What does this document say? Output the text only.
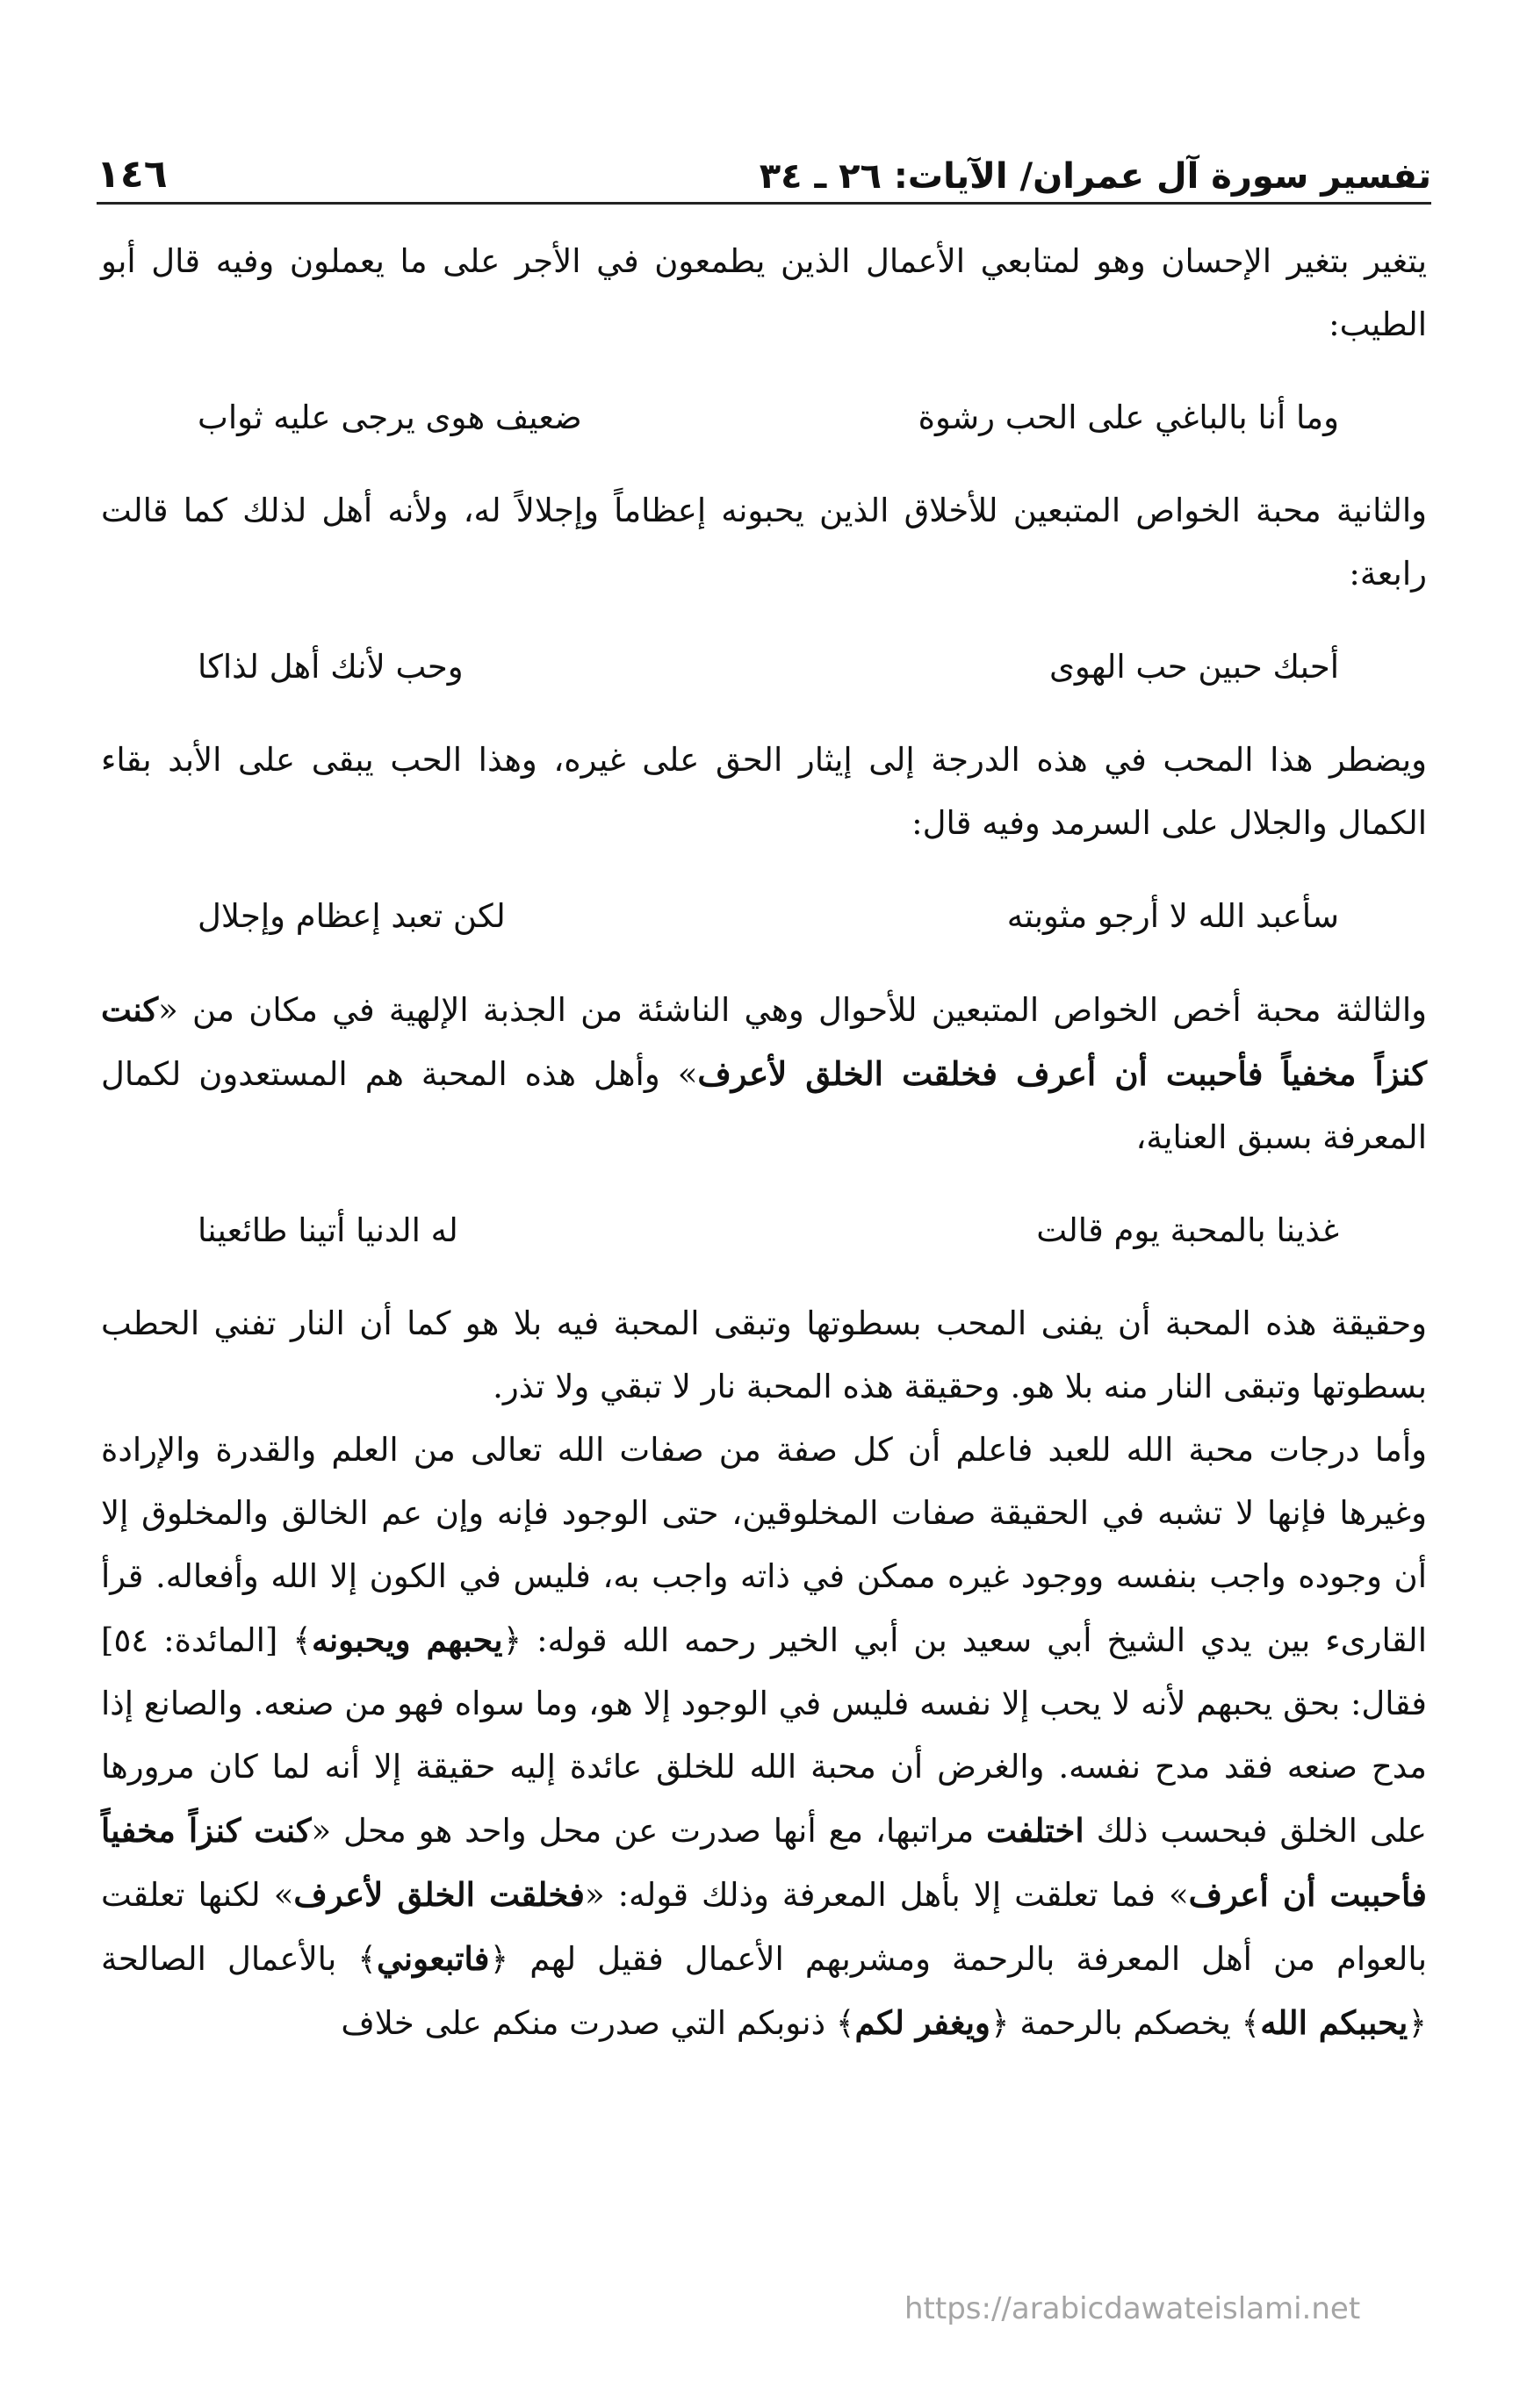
تفسير سورة آل عمران/ الآيات: ٢٦ ـ ٣٤
١٤٦

يتغير بتغير الإحسان وهو لمتابعي الأعمال الذين يطمعون في الأجر على ما يعملون وفيه قال أبو الطيب:

وما أنا بالباغي على الحب رشوة
ضعيف هوى يرجى عليه ثواب

والثانية محبة الخواص المتبعين للأخلاق الذين يحبونه إعظاماً وإجلالاً له، ولأنه أهل لذلك كما قالت رابعة:

أحبك حبين حب الهوى
وحب لأنك أهل لذاكا

ويضطر هذا المحب في هذه الدرجة إلى إيثار الحق على غيره، وهذا الحب يبقى على الأبد بقاء الكمال والجلال على السرمد وفيه قال:

سأعبد الله لا أرجو مثوبته
لكن تعبد إعظام وإجلال

والثالثة محبة أخص الخواص المتبعين للأحوال وهي الناشئة من الجذبة الإلهية في مكان من «كنت كنزاً مخفياً فأحببت أن أعرف فخلقت الخلق لأعرف» وأهل هذه المحبة هم المستعدون لكمال المعرفة بسبق العناية،

غذينا بالمحبة يوم قالت
له الدنيا أتينا طائعينا

وحقيقة هذه المحبة أن يفنى المحب بسطوتها وتبقى المحبة فيه بلا هو كما أن النار تفني الحطب بسطوتها وتبقى النار منه بلا هو. وحقيقة هذه المحبة نار لا تبقي ولا تذر.

وأما درجات محبة الله للعبد فاعلم أن كل صفة من صفات الله تعالى من العلم والقدرة والإرادة وغيرها فإنها لا تشبه في الحقيقة صفات المخلوقين، حتى الوجود فإنه وإن عم الخالق والمخلوق إلا أن وجوده واجب بنفسه ووجود غيره ممكن في ذاته واجب به، فليس في الكون إلا الله وأفعاله. قرأ القارىء بين يدي الشيخ أبي سعيد بن أبي الخير رحمه الله قوله: ﴿يحبهم ويحبونه﴾ [المائدة: ٥٤] فقال: بحق يحبهم لأنه لا يحب إلا نفسه فليس في الوجود إلا هو، وما سواه فهو من صنعه. والصانع إذا مدح صنعه فقد مدح نفسه. والغرض أن محبة الله للخلق عائدة إليه حقيقة إلا أنه لما كان مرورها على الخلق فبحسب ذلك اختلفت مراتبها، مع أنها صدرت عن محل واحد هو محل «كنت كنزاً مخفياً فأحببت أن أعرف» فما تعلقت إلا بأهل المعرفة وذلك قوله: «فخلقت الخلق لأعرف» لكنها تعلقت بالعوام من أهل المعرفة بالرحمة ومشربهم الأعمال فقيل لهم ﴿فاتبعوني﴾ بالأعمال الصالحة ﴿يحببكم الله﴾ يخصكم بالرحمة ﴿ويغفر لكم﴾ ذنوبكم التي صدرت منكم على خلاف

https://arabicdawateislami.net
